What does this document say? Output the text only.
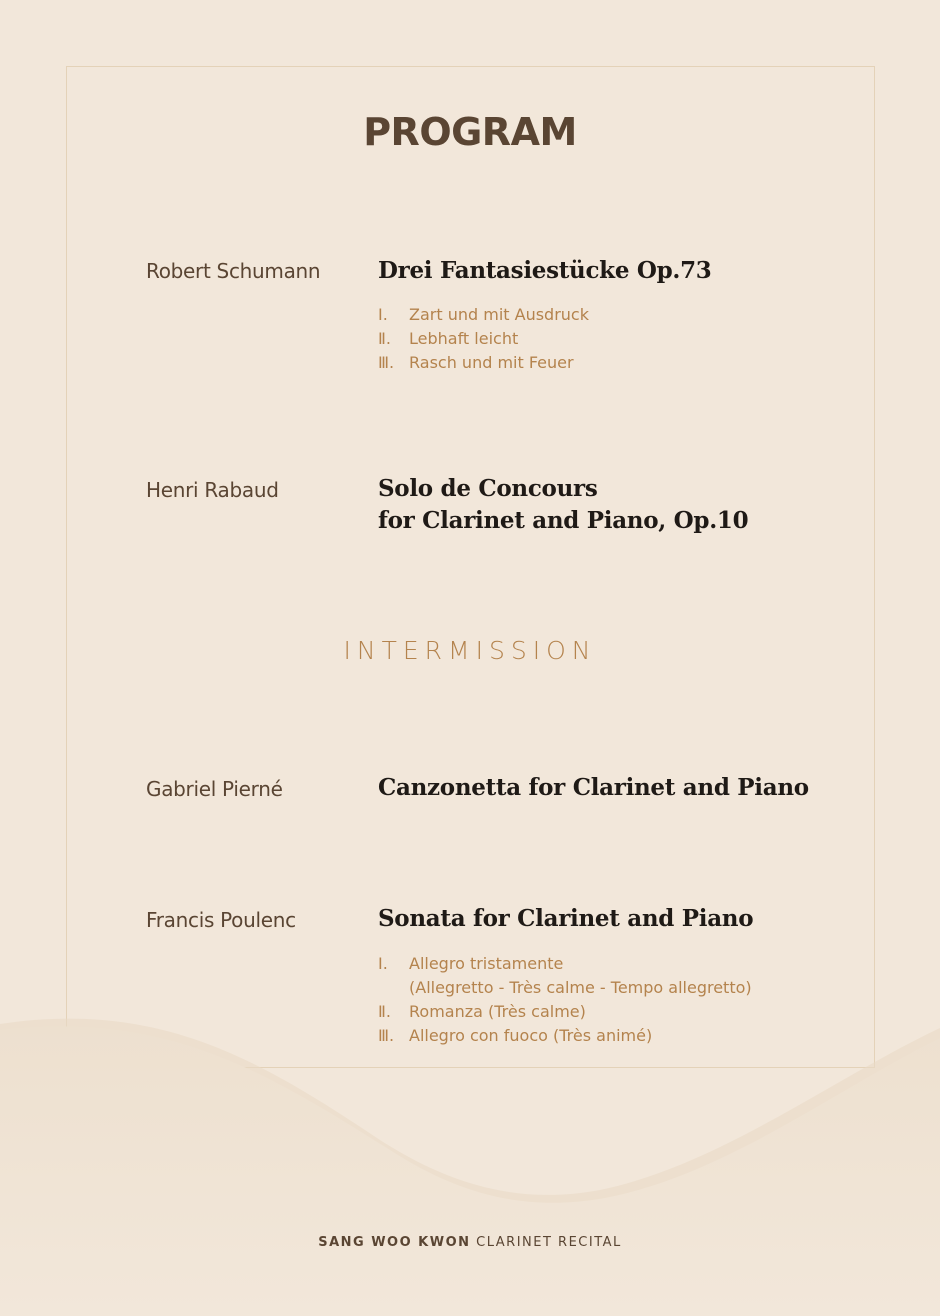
PROGRAM
Robert Schumann	Drei Fantasiestücke Op.73
Ⅰ.	Zart und mit Ausdruck
Ⅱ.	Lebhaft leicht
Ⅲ. Rasch und mit Feuer
Henri Rabaud	Solo de Concours
for Clarinet and Piano, Op.10
INTERMISSION
Gabriel Pierné	Canzonetta for Clarinet and Piano
Francis Poulenc	Sonata for Clarinet and Piano
Ⅰ.	Allegro tristamente
(Allegretto - Très calme - Tempo allegretto)
Ⅱ.	Romanza (Très calme)
Ⅲ. Allegro con fuoco (Très animé)
SANG WOO KWON CLARINET RECITAL
